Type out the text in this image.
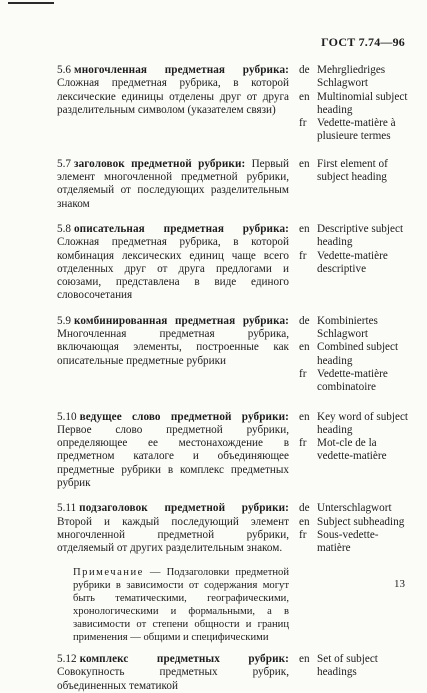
ГОСТ 7.74—96
5.6 многочленная предметная рубрика: Сложная предметная рубрика, в которой лексические единицы отделены друг от друга разделительным символом (указателем связи)
de Mehrgliedriges Schlagwort
en Multinomial subject heading
fr Vedette-matière à plusieure termes
5.7 заголовок предметной рубрики: Первый элемент многочленной предметной рубрики, отделяемый от последующих разделительным знаком
en First element of subject heading
5.8 описательная предметная рубрика: Сложная предметная рубрика, в которой комбинация лексических единиц чаще всего отделенных друг от друга предлогами и союзами, представлена в виде единого словосочетания
en Descriptive subject heading
fr Vedette-matière descriptive
5.9 комбинированная предметная рубрика: Многочленная предметная рубрика, включающая элементы, построенные как описательные предметные рубрики
de Kombiniertes Schlagwort
en Combined subject heading
fr Vedette-matière combinatoire
5.10 ведущее слово предметной рубрики: Первое слово предметной рубрики, определяющее ее местонахождение в предметном каталоге и объединяющее предметные рубрики в комплекс предметных рубрик
en Key word of subject heading
fr Mot-cle de la vedette-matière
5.11 подзаголовок предметной рубрики: Второй и каждый последующий элемент многочленной предметной рубрики, отделяемый от других разделительным знаком.
de Unterschlagwort
en Subject subheading
fr Sous-vedette-matière
Примечание — Подзаголовки предметной рубрики в зависимости от содержания могут быть тематическими, географическими, хронологическими и формальными, а в зависимости от степени общности и границ применения — общими и специфическими
5.12 комплекс предметных рубрик: Совокупность предметных рубрик, объединенных тематикой
en Set of subject headings
13
